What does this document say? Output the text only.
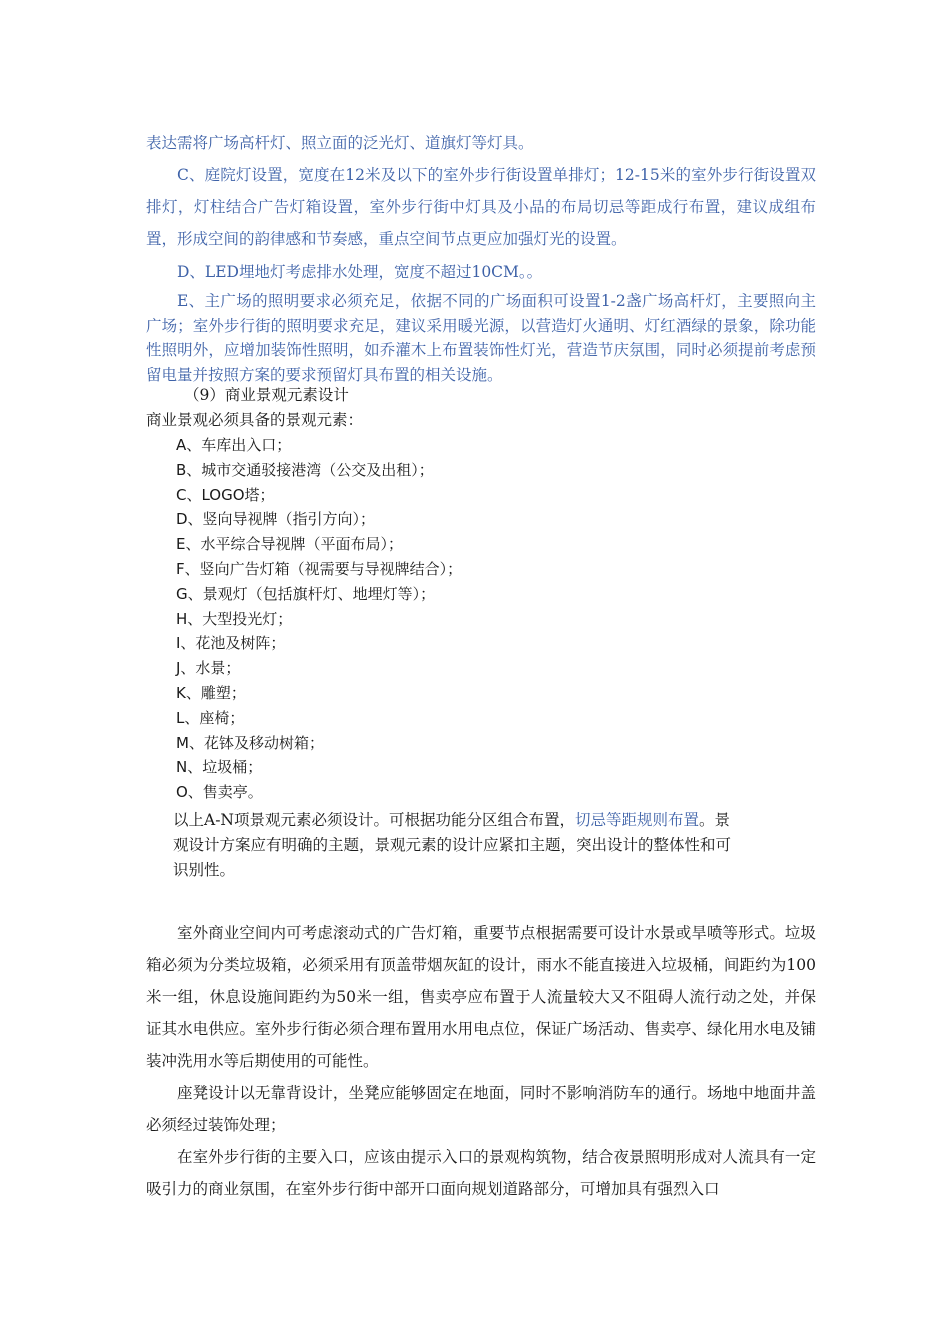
表达需将广场高杆灯、照立面的泛光灯、道旗灯等灯具。

C、庭院灯设置，宽度在12米及以下的室外步行街设置单排灯；12-15米的室外步行街设置双排灯，灯柱结合广告灯箱设置，室外步行街中灯具及小品的布局切忌等距成行布置，建议成组布置，形成空间的韵律感和节奏感，重点空间节点更应加强灯光的设置。

D、LED埋地灯考虑排水处理，宽度不超过10CM。。

E、主广场的照明要求必须充足，依据不同的广场面积可设置1-2盏广场高杆灯，主要照向主广场；室外步行街的照明要求充足，建议采用暖光源，以营造灯火通明、灯红酒绿的景象，除功能性照明外，应增加装饰性照明，如乔灌木上布置装饰性灯光，营造节庆氛围，同时必须提前考虑预留电量并按照方案的要求预留灯具布置的相关设施。

（9）商业景观元素设计
商业景观必须具备的景观元素：
A、车库出入口；
B、城市交通驳接港湾（公交及出租）；
C、LOGO塔；
D、竖向导视牌（指引方向）；
E、水平综合导视牌（平面布局）；
F、竖向广告灯箱（视需要与导视牌结合）；
G、景观灯（包括旗杆灯、地埋灯等）；
H、大型投光灯；
I、花池及树阵；
J、水景；
K、雕塑；
L、座椅；
M、花钵及移动树箱；
N、垃圾桶；
O、售卖亭。
以上A-N项景观元素必须设计。可根据功能分区组合布置，切忌等距规则布置。景观设计方案应有明确的主题，景观元素的设计应紧扣主题，突出设计的整体性和可识别性。

室外商业空间内可考虑滚动式的广告灯箱，重要节点根据需要可设计水景或旱喷等形式。垃圾箱必须为分类垃圾箱，必须采用有顶盖带烟灰缸的设计，雨水不能直接进入垃圾桶，间距约为100米一组，休息设施间距约为50米一组，售卖亭应布置于人流量较大又不阻碍人流行动之处，并保证其水电供应。室外步行街必须合理布置用水用电点位，保证广场活动、售卖亭、绿化用水电及铺装冲洗用水等后期使用的可能性。

座凳设计以无靠背设计，坐凳应能够固定在地面，同时不影响消防车的通行。场地中地面井盖必须经过装饰处理；

在室外步行街的主要入口，应该由提示入口的景观构筑物，结合夜景照明形成对人流具有一定吸引力的商业氛围，在室外步行街中部开口面向规划道路部分，可增加具有强烈入口
